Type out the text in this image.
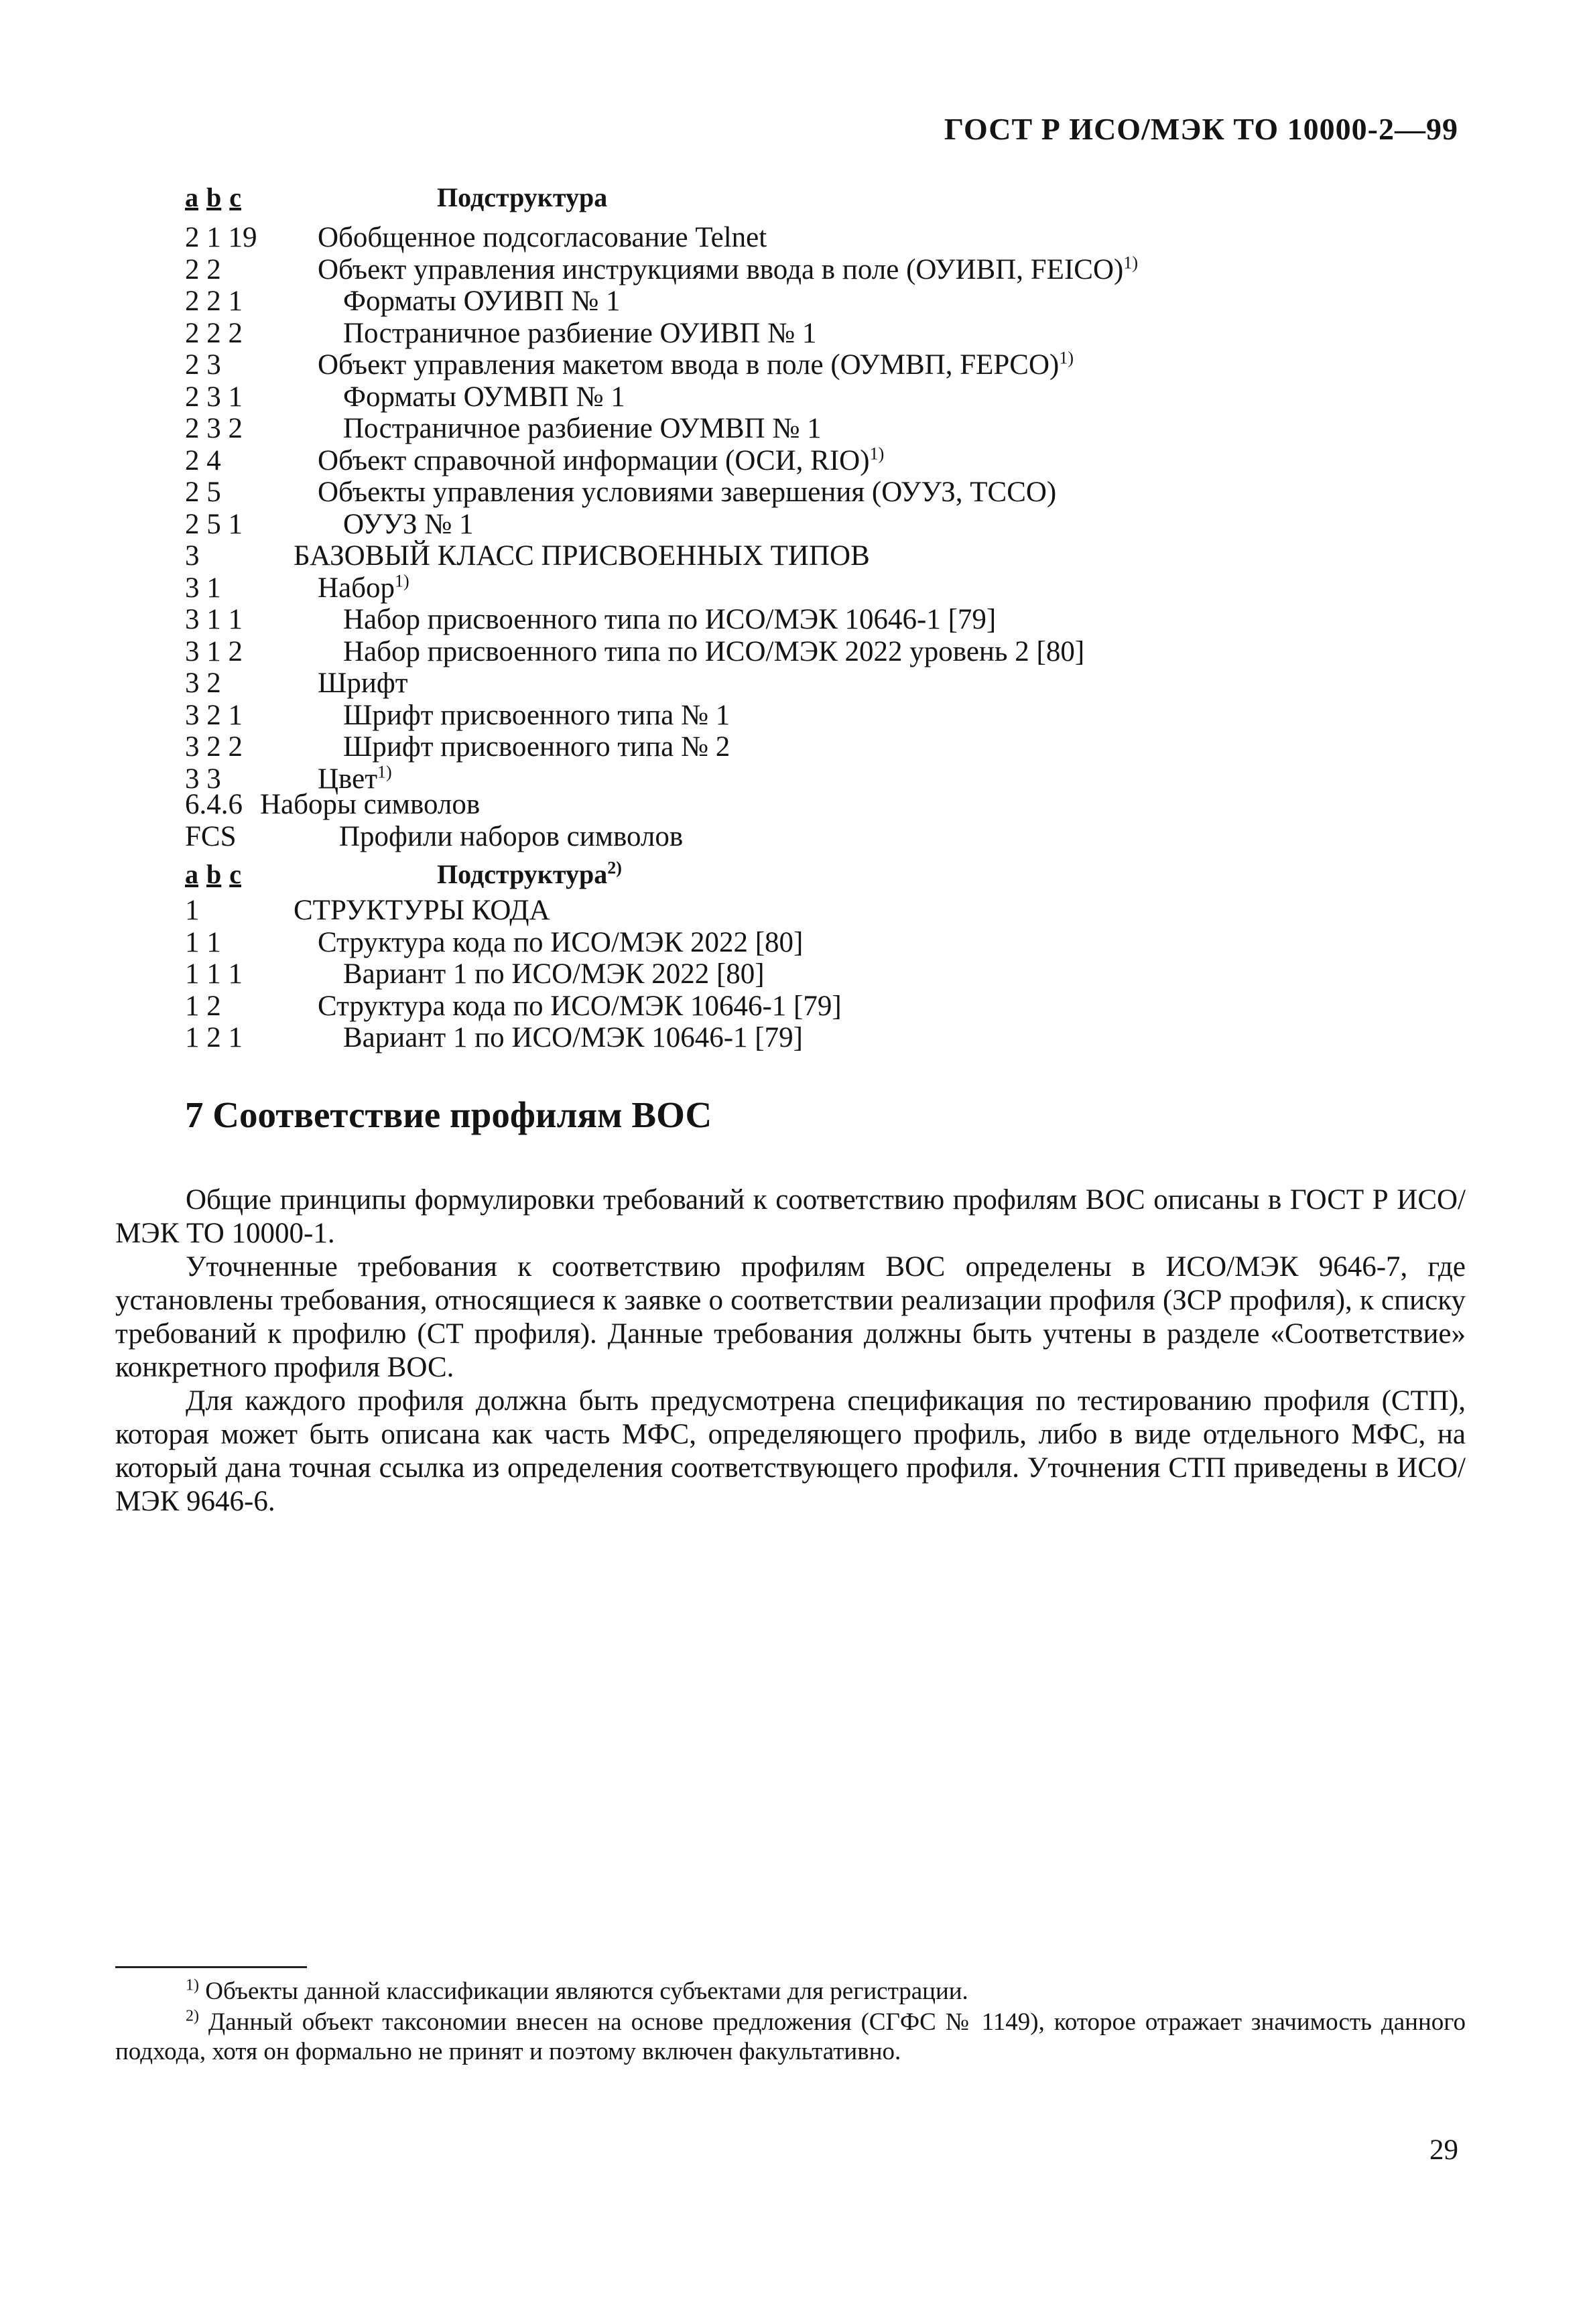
ГОСТ Р ИСО/МЭК ТО 10000-2—99
a b c	Подструктура
2 1 19 Обобщенное подсогласование Telnet
2 2	Объект управления инструкциями ввода в поле (ОУИВП, FEICO)$^{1)}$
2 2 1	Форматы ОУИВП № 1
2 2 2	Постраничное разбиение ОУИВП № 1
2 3	Объект управления макетом ввода в поле (ОУМВП, FEPCO)$^{1)}$
2 3 1	Форматы ОУМВП № 1
2 3 2	Постраничное разбиение ОУМВП № 1
2 4	Объект справочной информации (ОСИ, RIO)$^{1)}$
2 5	Объекты управления условиями завершения (ОУУЗ, TCCO)
2 5 1	ОУУЗ № 1
3	БАЗОВЫЙ КЛАСС ПРИСВОЕННЫХ ТИПОВ
3 1	Набор$^{1)}$
3 1 1	Набор присвоенного типа по ИСО/МЭК 10646-1 [79]
3 1 2	Набор присвоенного типа по ИСО/МЭК 2022 уровень 2 [80]
3 2	Шрифт
3 2 1	Шрифт присвоенного типа № 1
3 2 2	Шрифт присвоенного типа № 2
3 3	Цвет$^{1)}$
6.4.6 Наборы символов
FCS	Профили наборов символов
a b c	Подструктура$^{2)}$
1	СТРУКТУРЫ КОДА
1 1	Структура кода по ИСО/МЭК 2022 [80]
1 1 1	Вариант 1 по ИСО/МЭК 2022 [80]
1 2	Структура кода по ИСО/МЭК 10646-1 [79]
1 2 1	Вариант 1 по ИСО/МЭК 10646-1 [79]
7 Соответствие профилям ВОС
Общие принципы формулировки требований к соответствию профилям ВОС описаны в ГОСТ Р ИСО/МЭК ТО 10000-1.
Уточненные требования к соответствию профилям ВОС определены в ИСО/МЭК 9646-7, где установлены требования, относящиеся к заявке о соответствии реализации профиля (ЗСР профиля), к списку требований к профилю (СТ профиля). Данные требования должны быть учтены в разделе «Соответствие» конкретного профиля ВОС.
Для каждого профиля должна быть предусмотрена спецификация по тестированию профиля (СТП), которая может быть описана как часть МФС, определяющего профиль, либо в виде отдельного МФС, на который дана точная ссылка из определения соответствующего профиля. Уточнения СТП приведены в ИСО/МЭК 9646-6.
$^{1)}$ Объекты данной классификации являются субъектами для регистрации.
$^{2)}$ Данный объект таксономии внесен на основе предложения (СГФС № 1149), которое отражает значимость данного подхода, хотя он формально не принят и поэтому включен факультативно.
29
